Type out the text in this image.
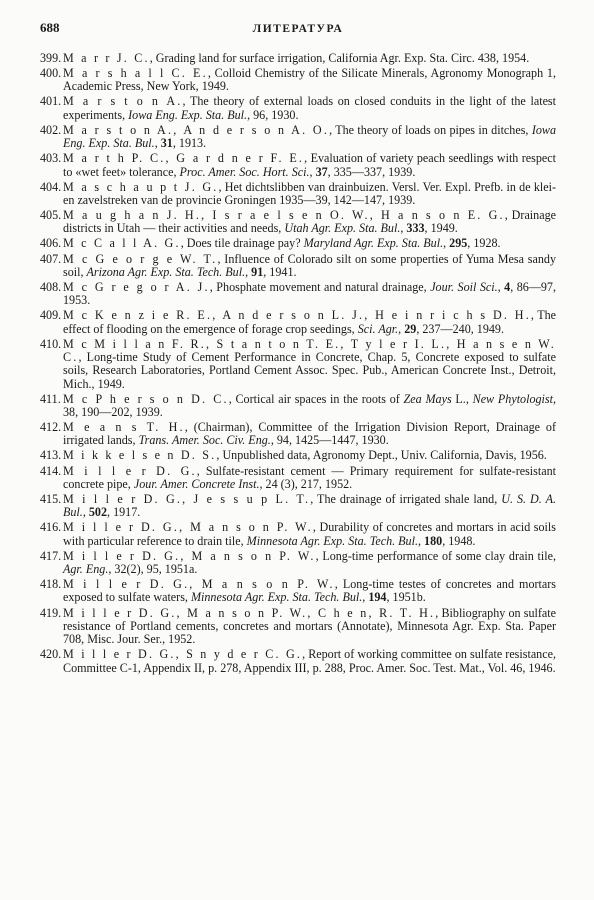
688	ЛИТЕРАТУРА
399. M a r r J. C., Grading land for surface irrigation, California Agr. Exp. Sta. Circ. 438, 1954.
400. M a r s h a l l C. E., Colloid Chemistry of the Silicate Minerals, Agronomy Monograph 1, Academic Press, New York, 1949.
401. M a r s t o n A., The theory of external loads on closed conduits in the light of the latest experiments, Iowa Eng. Exp. Sta. Bul., 96, 1930.
402. M a r s t o n A., A n d e r s o n A. O., The theory of loads on pipes in ditches, Iowa Eng. Exp. Sta. Bul., 31, 1913.
403. M a r t h P. C., G a r d n e r F. E., Evaluation of variety peach seedlings with respect to «wet feet» tolerance, Proc. Amer. Soc. Hort. Sci., 37, 335—337, 1939.
404. M a s c h a u p t J. G., Het dichtslibben van drainbuizen. Versl. Ver. Expl. Prefb. in de klei- en zavelstreken van de provincie Groningen 1935—39, 142—147, 1939.
405. M a u g h a n J. H., I s r a e l s e n O. W., H a n s o n E. G., Drainage districts in Utah — their activities and needs, Utah Agr. Exp. Sta. Bul., 333, 1949.
406. M c C a l l A. G., Does tile drainage pay? Maryland Agr. Exp. Sta. Bul., 295, 1928.
407. M c G e o r g e W. T., Influence of Colorado silt on some properties of Yuma Mesa sandy soil, Arizona Agr. Exp. Sta. Tech. Bul., 91, 1941.
408. M c G r e g o r A. J., Phosphate movement and natural drainage, Jour. Soil Sci., 4, 86—97, 1953.
409. M c K e n z i e R. E., A n d e r s o n L. J., H e i n r i c h s D. H., The effect of flooding on the emergence of forage crop seedings, Sci. Agr., 29, 237—240, 1949.
410. M c M i l l a n F. R., S t a n t o n T. E., T y l e r I. L., H a n s e n W. C., Long-time Study of Cement Performance in Concrete, Chap. 5, Concrete exposed to sulfate soils, Research Laboratories, Portland Cement Assoc. Spec. Pub., American Concrete Inst., Detroit, Mich., 1949.
411. M c P h e r s o n D. C., Cortical air spaces in the roots of Zea Mays L., New Phytologist, 38, 190—202, 1939.
412. M e a n s T. H., (Chairman), Committee of the Irrigation Division Report, Drainage of irrigated lands, Trans. Amer. Soc. Civ. Eng., 94, 1425—1447, 1930.
413. M i k k e l s e n D. S., Unpublished data, Agronomy Dept., Univ. California, Davis, 1956.
414. M i l l e r D. G., Sulfate-resistant cement — Primary requirement for sulfate-resistant concrete pipe, Jour. Amer. Concrete Inst., 24 (3), 217, 1952.
415. M i l l e r D. G., J e s s u p L. T., The drainage of irrigated shale land, U. S. D. A. Bul., 502, 1917.
416. M i l l e r D. G., M a n s o n P. W., Durability of concretes and mortars in acid soils with particular reference to drain tile, Minnesota Agr. Exp. Sta. Tech. Bul., 180, 1948.
417. M i l l e r D. G., M a n s o n P. W., Long-time performance of some clay drain tile, Agr. Eng., 32(2), 95, 1951a.
418. M i l l e r D. G., M a n s o n P. W., Long-time testes of concretes and mortars exposed to sulfate waters, Minnesota Agr. Exp. Sta. Tech. Bul., 194, 1951b.
419. M i l l e r D. G., M a n s o n P. W., C h e n, R. T. H., Bibliography on sulfate resistance of Portland cements, concretes and mortars (Annotate), Minnesota Agr. Exp. Sta. Paper 708, Misc. Jour. Ser., 1952.
420. M i l l e r D. G., S n y d e r C. G., Report of working committee on sulfate resistance, Committee C-1, Appendix II, p. 278, Appendix III, p. 288, Proc. Amer. Soc. Test. Mat., Vol. 46, 1946.
